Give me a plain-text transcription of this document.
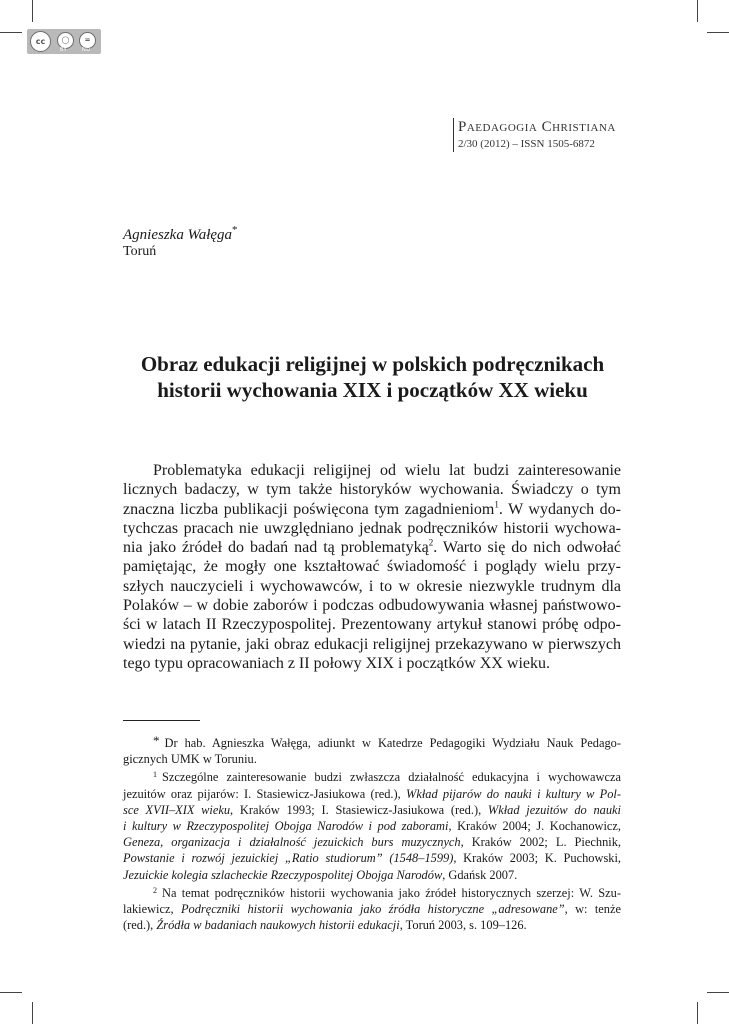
cc	◯	=
BY	ND
Paedagogia Christiana
2/30 (2012) – ISSN 1505-6872
Agnieszka Wałęga*
Toruń
Obraz edukacji religijnej w polskich podręcznikach
historii wychowania XIX i początków XX wieku
Problematyka edukacji religijnej od wielu lat budzi zainteresowanie
licznych badaczy, w tym także historyków wychowania. Świadczy o tym
znaczna liczba publikacji poświęcona tym zagadnieniom$^1$. W wydanych do-
tychczas pracach nie uwzględniano jednak podręczników historii wychowa-
nia jako źródeł do badań nad tą problematyką$^2$. Warto się do nich odwołać
pamiętając, że mogły one kształtować świadomość i poglądy wielu przy-
szłych nauczycieli i wychowawców, i to w okresie niezwykle trudnym dla
Polaków – w dobie zaborów i podczas odbudowywania własnej państwowo-
ści w latach II Rzeczypospolitej. Prezentowany artykuł stanowi próbę odpo-
wiedzi na pytanie, jaki obraz edukacji religijnej przekazywano w pierwszych
tego typu opracowaniach z II połowy XIX i początków XX wieku.
* Dr hab. Agnieszka Wałęga, adiunkt w Katedrze Pedagogiki Wydziału Nauk Pedago-
gicznych UMK w Toruniu.
1 Szczególne zainteresowanie budzi zwłaszcza działalność edukacyjna i wychowawcza
jezuitów oraz pijarów: I. Stasiewicz-Jasiukowa (red.), Wkład pijarów do nauki i kultury w Pol-
sce XVII–XIX wieku, Kraków 1993; I. Stasiewicz-Jasiukowa (red.), Wkład jezuitów do nauki
i kultury w Rzeczypospolitej Obojga Narodów i pod zaborami, Kraków 2004; J. Kochanowicz,
Geneza, organizacja i działalność jezuickich burs muzycznych, Kraków 2002; L. Piechnik,
Powstanie i rozwój jezuickiej „Ratio studiorum” (1548–1599), Kraków 2003; K. Puchowski,
Jezuickie kolegia szlacheckie Rzeczypospolitej Obojga Narodów, Gdańsk 2007.
2 Na temat podręczników historii wychowania jako źródeł historycznych szerzej: W. Szu-
lakiewicz, Podręczniki historii wychowania jako źródła historyczne „adresowane”, w: tenże
(red.), Źródła w badaniach naukowych historii edukacji, Toruń 2003, s. 109–126.
